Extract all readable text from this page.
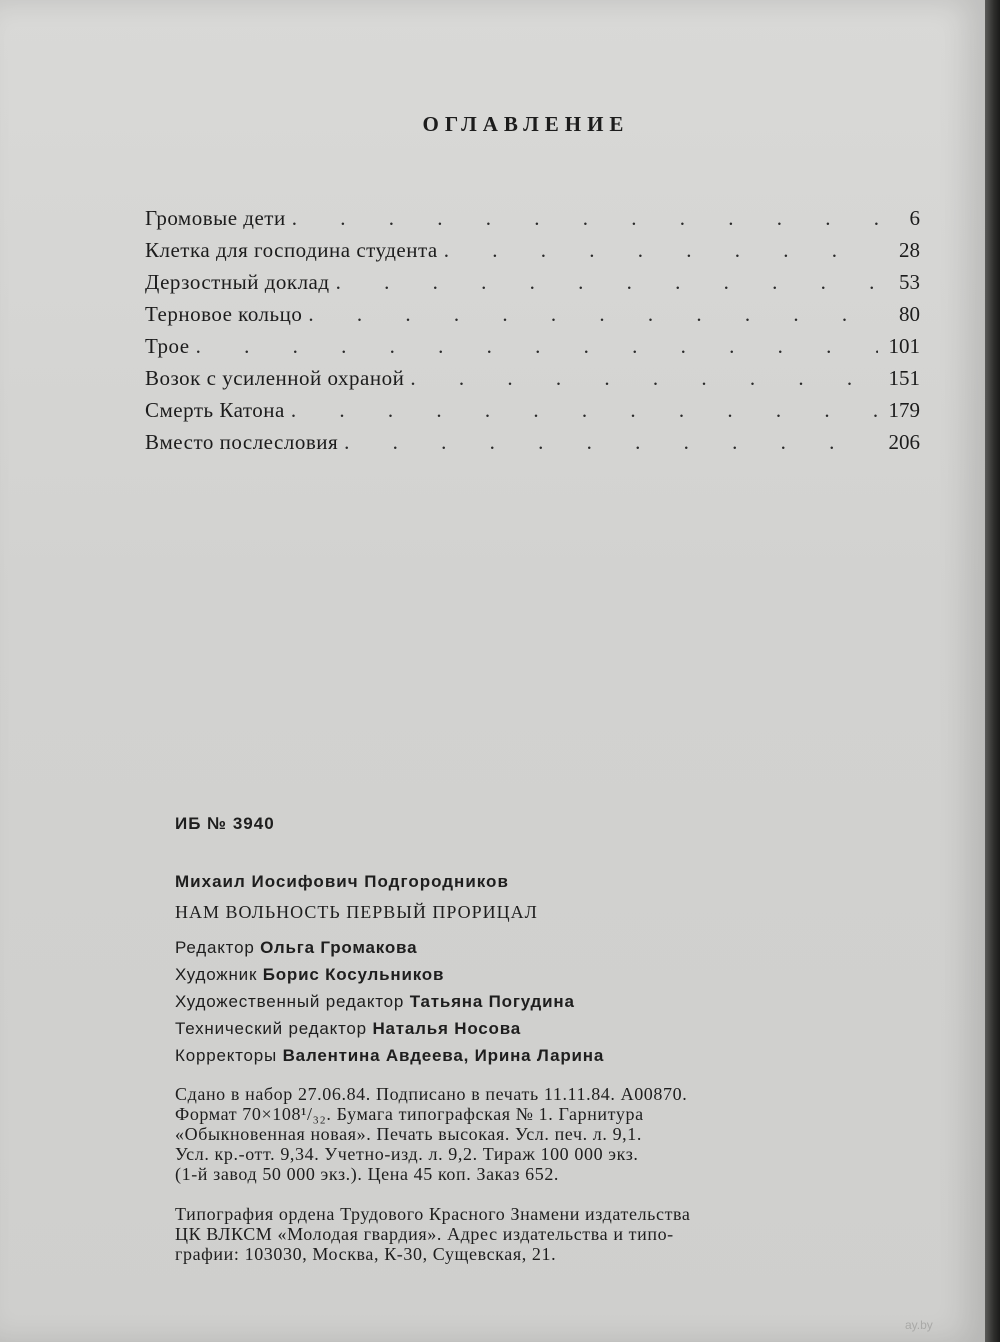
ОГЛАВЛЕНИЕ
Громовые дети . . .	6
Клетка для господина студента . . .	28
Дерзостный доклад . . .	53
Терновое кольцо . . .	80
Трое . . .	101
Возок с усиленной охраной . . .	151
Смерть Катона . . .	179
Вместо послесловия . . .	206
ИБ № 3940
Михаил Иосифович Подгородников
НАМ ВОЛЬНОСТЬ ПЕРВЫЙ ПРОРИЦАЛ
Редактор Ольга Громакова
Художник Борис Косульников
Художественный редактор Татьяна Погудина
Технический редактор Наталья Носова
Корректоры Валентина Авдеева, Ирина Ларина
Сдано в набор 27.06.84. Подписано в печать 11.11.84. А00870.
Формат 70×108¹/₃₂. Бумага типографская № 1. Гарнитура
«Обыкновенная новая». Печать высокая. Усл. печ. л. 9,1.
Усл. кр.-отт. 9,34. Учетно-изд. л. 9,2. Тираж 100 000 экз.
(1-й завод 50 000 экз.). Цена 45 коп. Заказ 652.
Типография ордена Трудового Красного Знамени издательства
ЦК ВЛКСМ «Молодая гвардия». Адрес издательства и типо-
графии: 103030, Москва, К-30, Сущевская, 21.
ay.by
